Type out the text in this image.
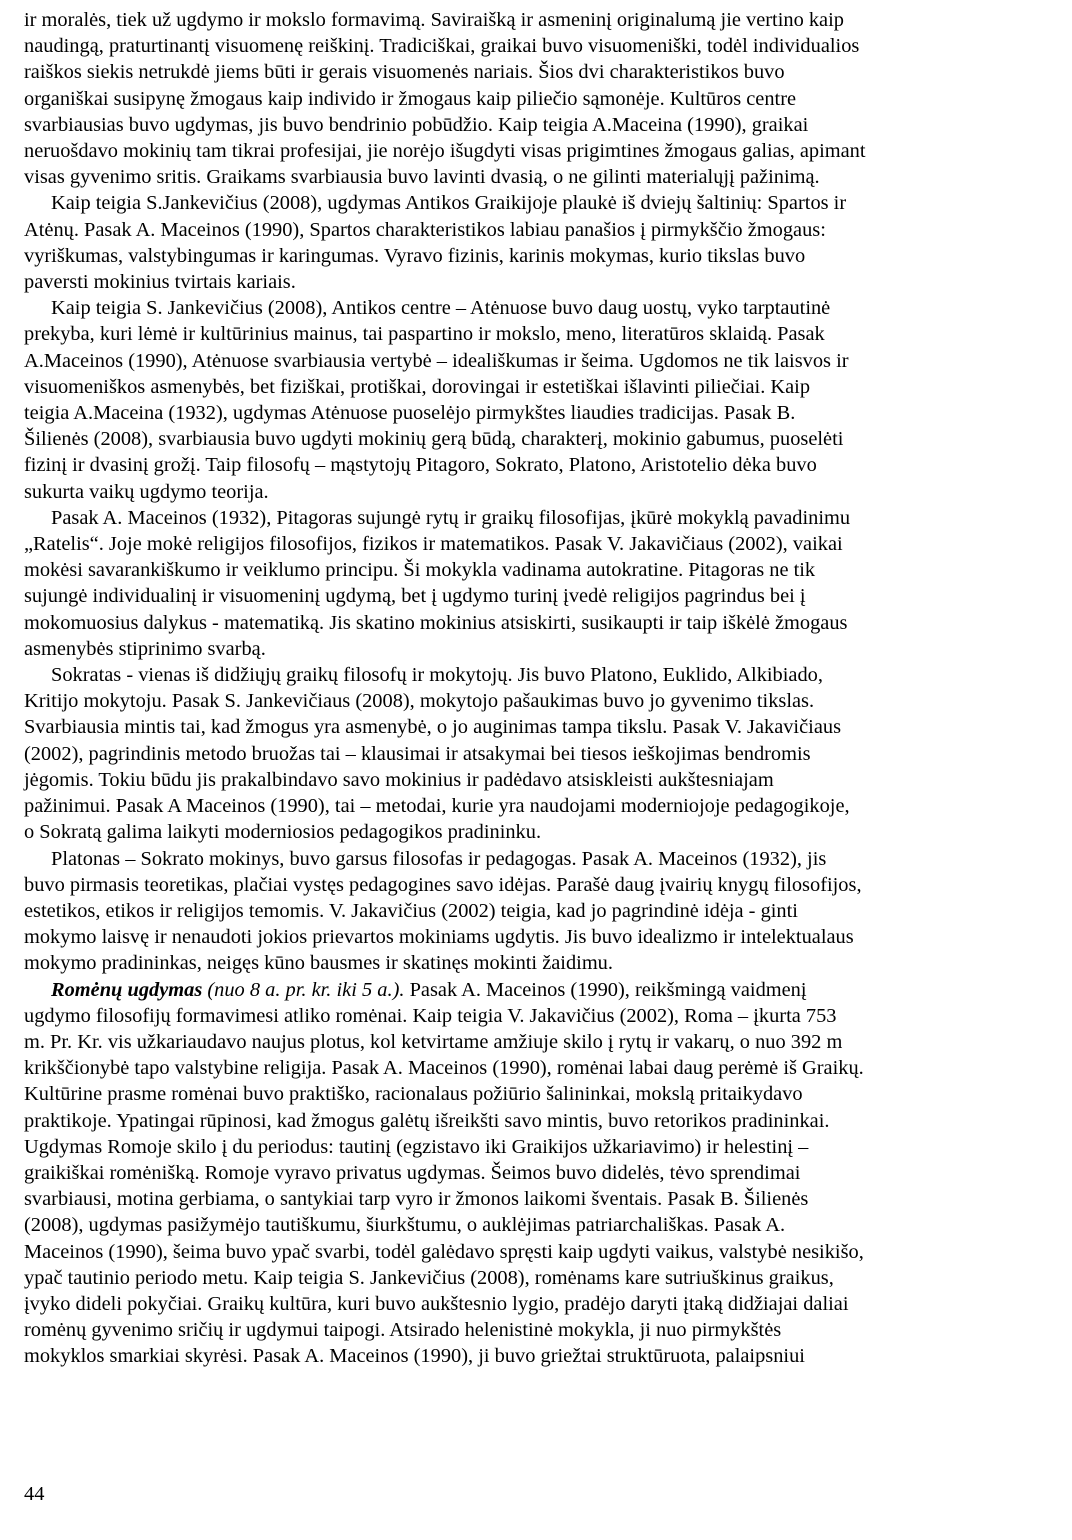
ir moralės, tiek už ugdymo ir mokslo formavimą. Saviraišką ir asmeninį originalumą jie vertino kaip
naudingą, praturtinantį visuomenę reiškinį. Tradiciškai, graikai buvo visuomeniški, todėl individualios
raiškos siekis netrukdė jiems būti ir gerais visuomenės nariais. Šios dvi charakteristikos buvo
organiškai susipynę žmogaus kaip individo ir žmogaus kaip piliečio sąmonėje. Kultūros centre
svarbiausias buvo ugdymas, jis buvo bendrinio pobūdžio. Kaip teigia A.Maceina (1990), graikai
neruošdavo mokinių tam tikrai profesijai, jie norėjo išugdyti visas prigimtines žmogaus galias, apimant
visas gyvenimo sritis. Graikams svarbiausia buvo lavinti dvasią, o ne gilinti materialųjį pažinimą.
Kaip teigia S.Jankevičius (2008), ugdymas Antikos Graikijoje plaukė iš dviejų šaltinių: Spartos ir
Atėnų. Pasak A. Maceinos (1990), Spartos charakteristikos labiau panašios į pirmykščio žmogaus:
vyriškumas, valstybingumas ir karingumas. Vyravo fizinis, karinis mokymas, kurio tikslas buvo
paversti mokinius tvirtais kariais.
Kaip teigia S. Jankevičius (2008), Antikos centre – Atėnuose buvo daug uostų, vyko tarptautinė
prekyba, kuri lėmė ir kultūrinius mainus, tai paspartino ir mokslo, meno, literatūros sklaidą. Pasak
A.Maceinos (1990), Atėnuose svarbiausia vertybė – ideališkumas ir šeima. Ugdomos ne tik laisvos ir
visuomeniškos asmenybės, bet fiziškai, protiškai, dorovingai ir estetiškai išlavinti piliečiai. Kaip
teigia A.Maceina (1932), ugdymas Atėnuose puoselėjo pirmykštes liaudies tradicijas. Pasak B.
Šilienės (2008), svarbiausia buvo ugdyti mokinių gerą būdą, charakterį, mokinio gabumus, puoselėti
fizinį ir dvasinį grožį. Taip filosofų – mąstytojų Pitagoro, Sokrato, Platono, Aristotelio dėka buvo
sukurta vaikų ugdymo teorija.
Pasak A. Maceinos (1932), Pitagoras sujungė rytų ir graikų filosofijas, įkūrė mokyklą pavadinimu
„Ratelis“. Joje mokė religijos filosofijos, fizikos ir matematikos. Pasak V. Jakavičiaus (2002), vaikai
mokėsi savarankiškumo ir veiklumo principu. Ši mokykla vadinama autokratine. Pitagoras ne tik
sujungė individualinį ir visuomeninį ugdymą, bet į ugdymo turinį įvedė religijos pagrindus bei į
mokomuosius dalykus - matematiką. Jis skatino mokinius atsiskirti, susikaupti ir taip iškėlė žmogaus
asmenybės stiprinimo svarbą.
Sokratas - vienas iš didžiųjų graikų filosofų ir mokytojų. Jis buvo Platono, Euklido, Alkibiado,
Kritijo mokytoju. Pasak S. Jankevičiaus (2008), mokytojo pašaukimas buvo jo gyvenimo tikslas.
Svarbiausia mintis tai, kad žmogus yra asmenybė, o jo auginimas tampa tikslu. Pasak V. Jakavičiaus
(2002), pagrindinis metodo bruožas tai – klausimai ir atsakymai bei tiesos ieškojimas bendromis
jėgomis. Tokiu būdu jis prakalbindavo savo mokinius ir padėdavo atsiskleisti aukštesniajam
pažinimui. Pasak A Maceinos (1990), tai – metodai, kurie yra naudojami moderniojoje pedagogikoje,
o Sokratą galima laikyti moderniosios pedagogikos pradininku.
Platonas – Sokrato mokinys, buvo garsus filosofas ir pedagogas. Pasak A. Maceinos (1932), jis
buvo pirmasis teoretikas, plačiai vystęs pedagogines savo idėjas. Parašė daug įvairių knygų filosofijos,
estetikos, etikos ir religijos temomis. V. Jakavičius (2002) teigia, kad jo pagrindinė idėja - ginti
mokymo laisvę ir nenaudoti jokios prievartos mokiniams ugdytis. Jis buvo idealizmo ir intelektualaus
mokymo pradininkas, neigęs kūno bausmes ir skatinęs mokinti žaidimu.
Romėnų ugdymas (nuo 8 a. pr. kr. iki 5 a.). Pasak A. Maceinos (1990), reikšmingą vaidmenį
ugdymo filosofijų formavimesi atliko romėnai. Kaip teigia V. Jakavičius (2002), Roma – įkurta 753
m. Pr. Kr. vis užkariaudavo naujus plotus, kol ketvirtame amžiuje skilo į rytų ir vakarų, o nuo 392 m
krikščionybė tapo valstybine religija. Pasak A. Maceinos (1990), romėnai labai daug perėmė iš Graikų.
Kultūrine prasme romėnai buvo praktiško, racionalaus požiūrio šalininkai, mokslą pritaikydavo
praktikoje. Ypatingai rūpinosi, kad žmogus galėtų išreikšti savo mintis, buvo retorikos pradininkai.
Ugdymas Romoje skilo į du periodus: tautinį (egzistavo iki Graikijos užkariavimo) ir helestinį –
graikiškai romėnišką. Romoje vyravo privatus ugdymas. Šeimos buvo didelės, tėvo sprendimai
svarbiausi, motina gerbiama, o santykiai tarp vyro ir žmonos laikomi šventais. Pasak B. Šilienės
(2008), ugdymas pasižymėjo tautiškumu, šiurkštumu, o auklėjimas patriarchališkas. Pasak A.
Maceinos (1990), šeima buvo ypač svarbi, todėl galėdavo spręsti kaip ugdyti vaikus, valstybė nesikišo,
ypač tautinio periodo metu. Kaip teigia S. Jankevičius (2008), romėnams kare sutriuškinus graikus,
įvyko dideli pokyčiai. Graikų kultūra, kuri buvo aukštesnio lygio, pradėjo daryti įtaką didžiajai daliai
romėnų gyvenimo sričių ir ugdymui taipogi. Atsirado helenistinė mokykla, ji nuo pirmykštės
mokyklos smarkiai skyrėsi. Pasak A. Maceinos (1990), ji buvo griežtai struktūruota, palaipsniui
44
